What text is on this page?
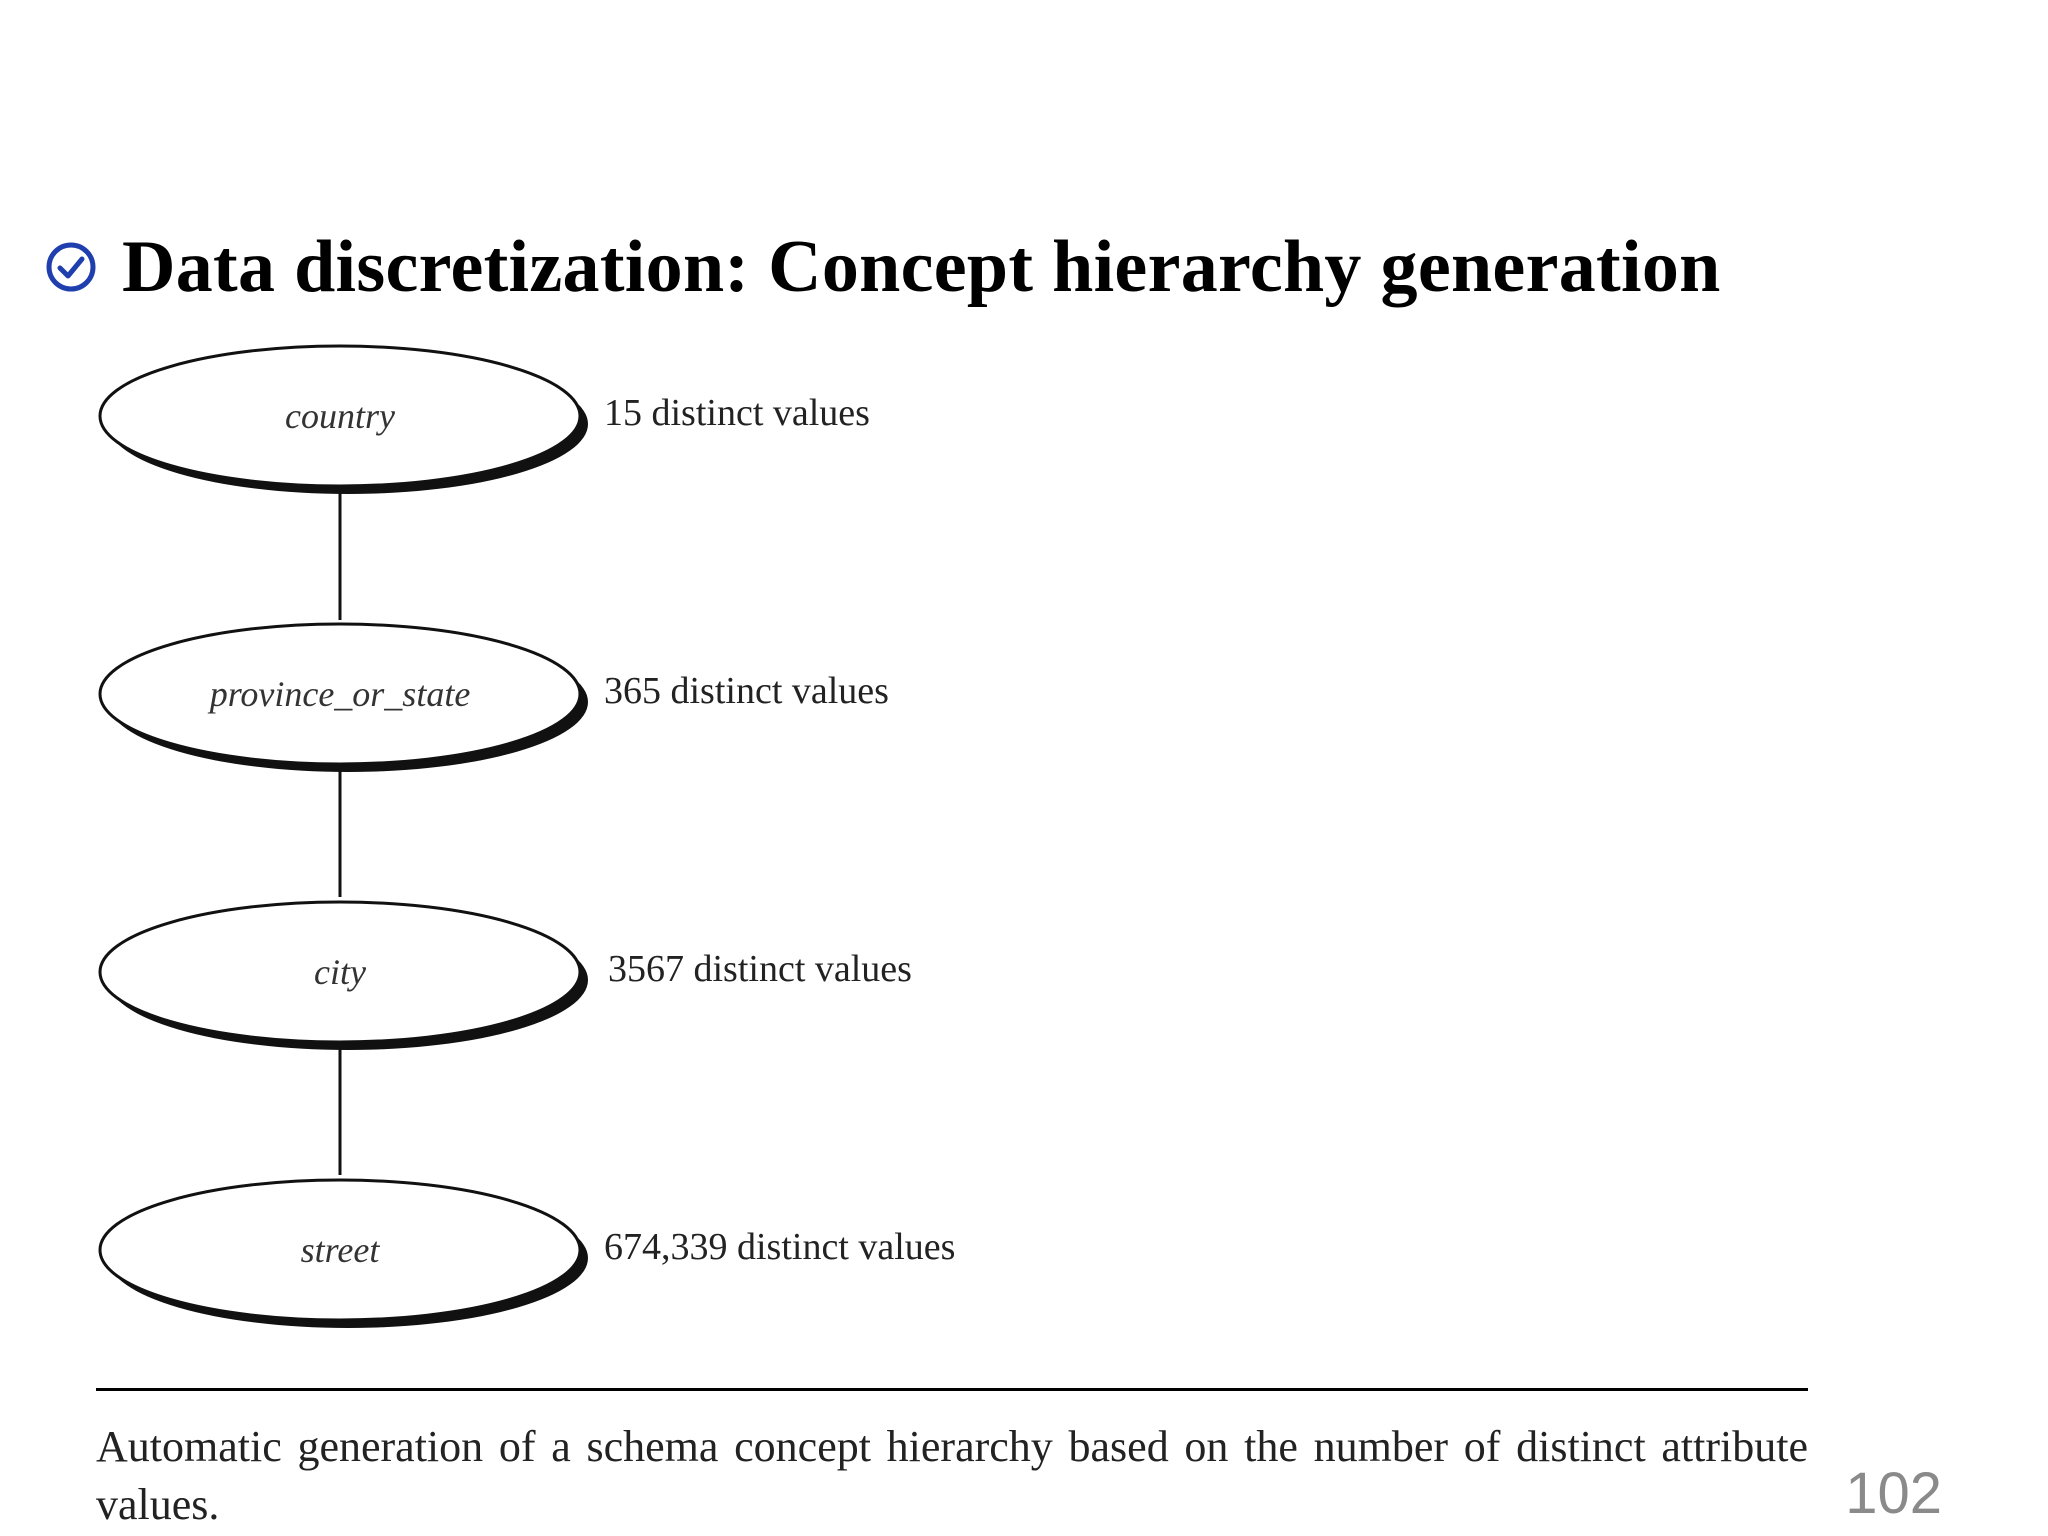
Data discretization: Concept hierarchy generation
country	15 distinct values
province_or_state	365 distinct values
city	3567 distinct values
street	674,339 distinct values
Automatic generation of a schema concept hierarchy based on the number of distinct attribute values.	102
